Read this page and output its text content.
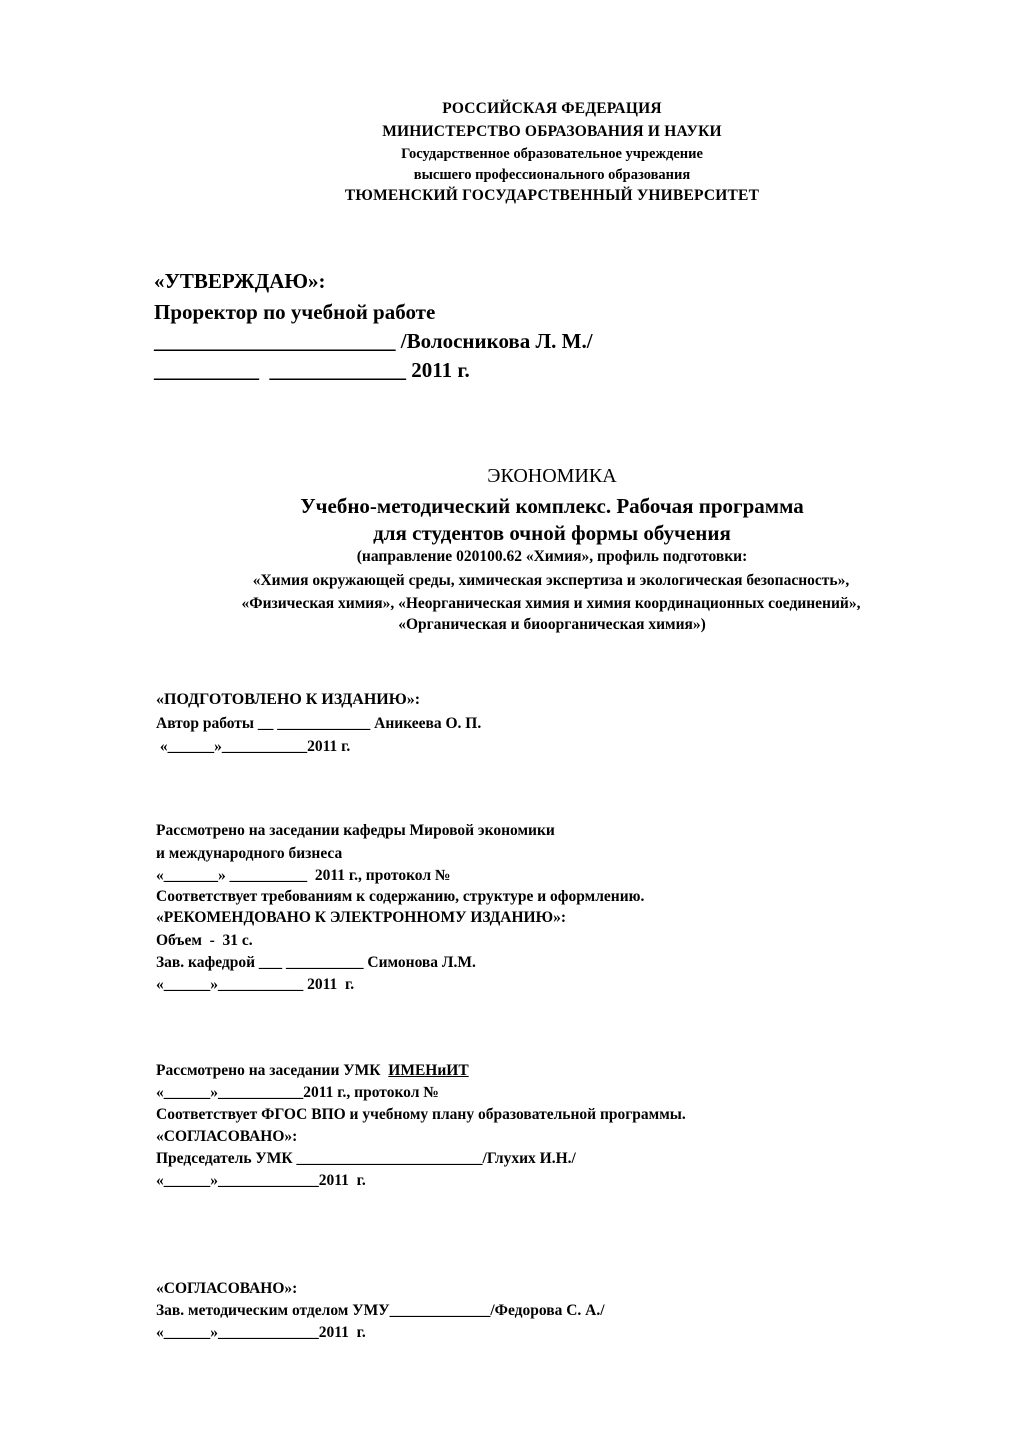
РОССИЙСКАЯ ФЕДЕРАЦИЯ
МИНИСТЕРСТВО ОБРАЗОВАНИЯ И НАУКИ
Государственное образовательное учреждение
высшего профессионального образования
ТЮМЕНСКИЙ ГОСУДАРСТВЕННЫЙ УНИВЕРСИТЕТ
«УТВЕРЖДАЮ»:
Проректор по учебной работе
_______________________ /Волосникова Л. М./
__________  _____________ 2011 г.
ЭКОНОМИКА
Учебно-методический комплекс. Рабочая программа
для студентов очной формы обучения
(направление 020100.62 «Химия», профиль подготовки:
«Химия окружающей среды, химическая экспертиза и экологическая безопасность»,
«Физическая химия», «Неорганическая химия и химия координационных соединений»,
«Органическая и биоорганическая химия»)
«ПОДГОТОВЛЕНО К ИЗДАНИЮ»:
Автор работы __ ____________ Аникеева О. П.
«______»___________2011 г.
Рассмотрено на заседании кафедры Мировой экономики
и международного бизнеса
«_______» __________  2011 г., протокол №
Соответствует требованиям к содержанию, структуре и оформлению.
«РЕКОМЕНДОВАНО К ЭЛЕКТРОННОМУ ИЗДАНИЮ»:
Объем  -  31 с.
Зав. кафедрой ___ __________ Симонова Л.М.
«______»___________ 2011  г.
Рассмотрено на заседании УМК  ИМЕНиИТ
«______»___________2011 г., протокол №
Соответствует ФГОС ВПО и учебному плану образовательной программы.
«СОГЛАСОВАНО»:
Председатель УМК ________________________/Глухих И.Н./
«______»_____________2011  г.
«СОГЛАСОВАНО»:
Зав. методическим отделом УМУ_____________/Федорова С. А./
«______»_____________2011  г.
